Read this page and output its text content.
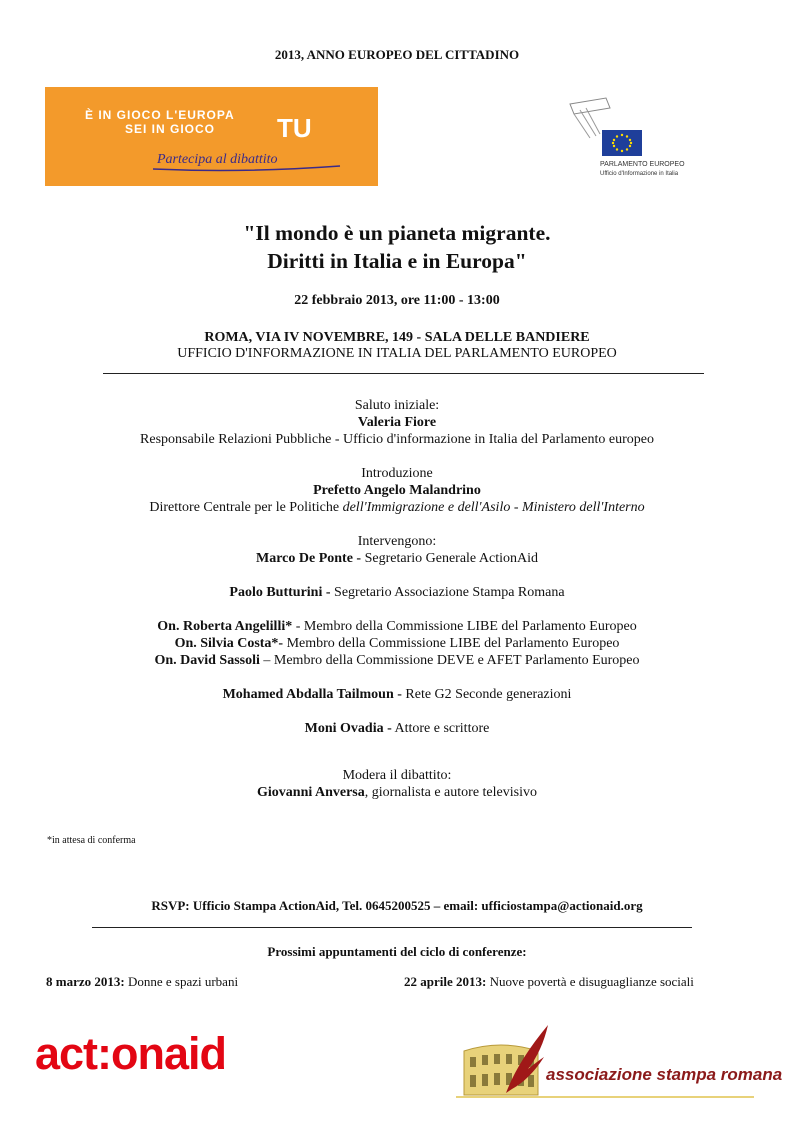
2013, ANNO EUROPEO DEL CITTADINO
È IN GIOCO L'EUROPA
SEI IN GIOCO TU
Partecipa al dibattito	PARLAMENTO EUROPEO
Ufficio d'Informazione in Italia
"Il mondo è un pianeta migrante.
Diritti in Italia e in Europa"
22 febbraio 2013, ore 11:00 - 13:00
ROMA, VIA IV NOVEMBRE, 149 - SALA DELLE BANDIERE
UFFICIO D'INFORMAZIONE IN ITALIA DEL PARLAMENTO EUROPEO
Saluto iniziale:
Valeria Fiore
Responsabile Relazioni Pubbliche - Ufficio d'informazione in Italia del Parlamento europeo
Introduzione
Prefetto Angelo Malandrino
Direttore Centrale per le Politiche dell'Immigrazione e dell'Asilo - Ministero dell'Interno
Intervengono:
Marco De Ponte - Segretario Generale ActionAid
Paolo Butturini - Segretario Associazione Stampa Romana
On. Roberta Angelilli* - Membro della Commissione LIBE del Parlamento Europeo
On. Silvia Costa*- Membro della Commissione LIBE del Parlamento Europeo
On. David Sassoli – Membro della Commissione DEVE e AFET Parlamento Europeo
Mohamed Abdalla Tailmoun - Rete G2 Seconde generazioni
Moni Ovadia - Attore e scrittore
Modera il dibattito:
Giovanni Anversa, giornalista e autore televisivo
*in attesa di conferma
RSVP: Ufficio Stampa ActionAid, Tel. 0645200525 – email: ufficiostampa@actionaid.org
Prossimi appuntamenti del ciclo di conferenze:
8 marzo 2013: Donne e spazi urbani	22 aprile 2013: Nuove povertà e disuguaglianze sociali
act:onaid	associazione stampa romana
